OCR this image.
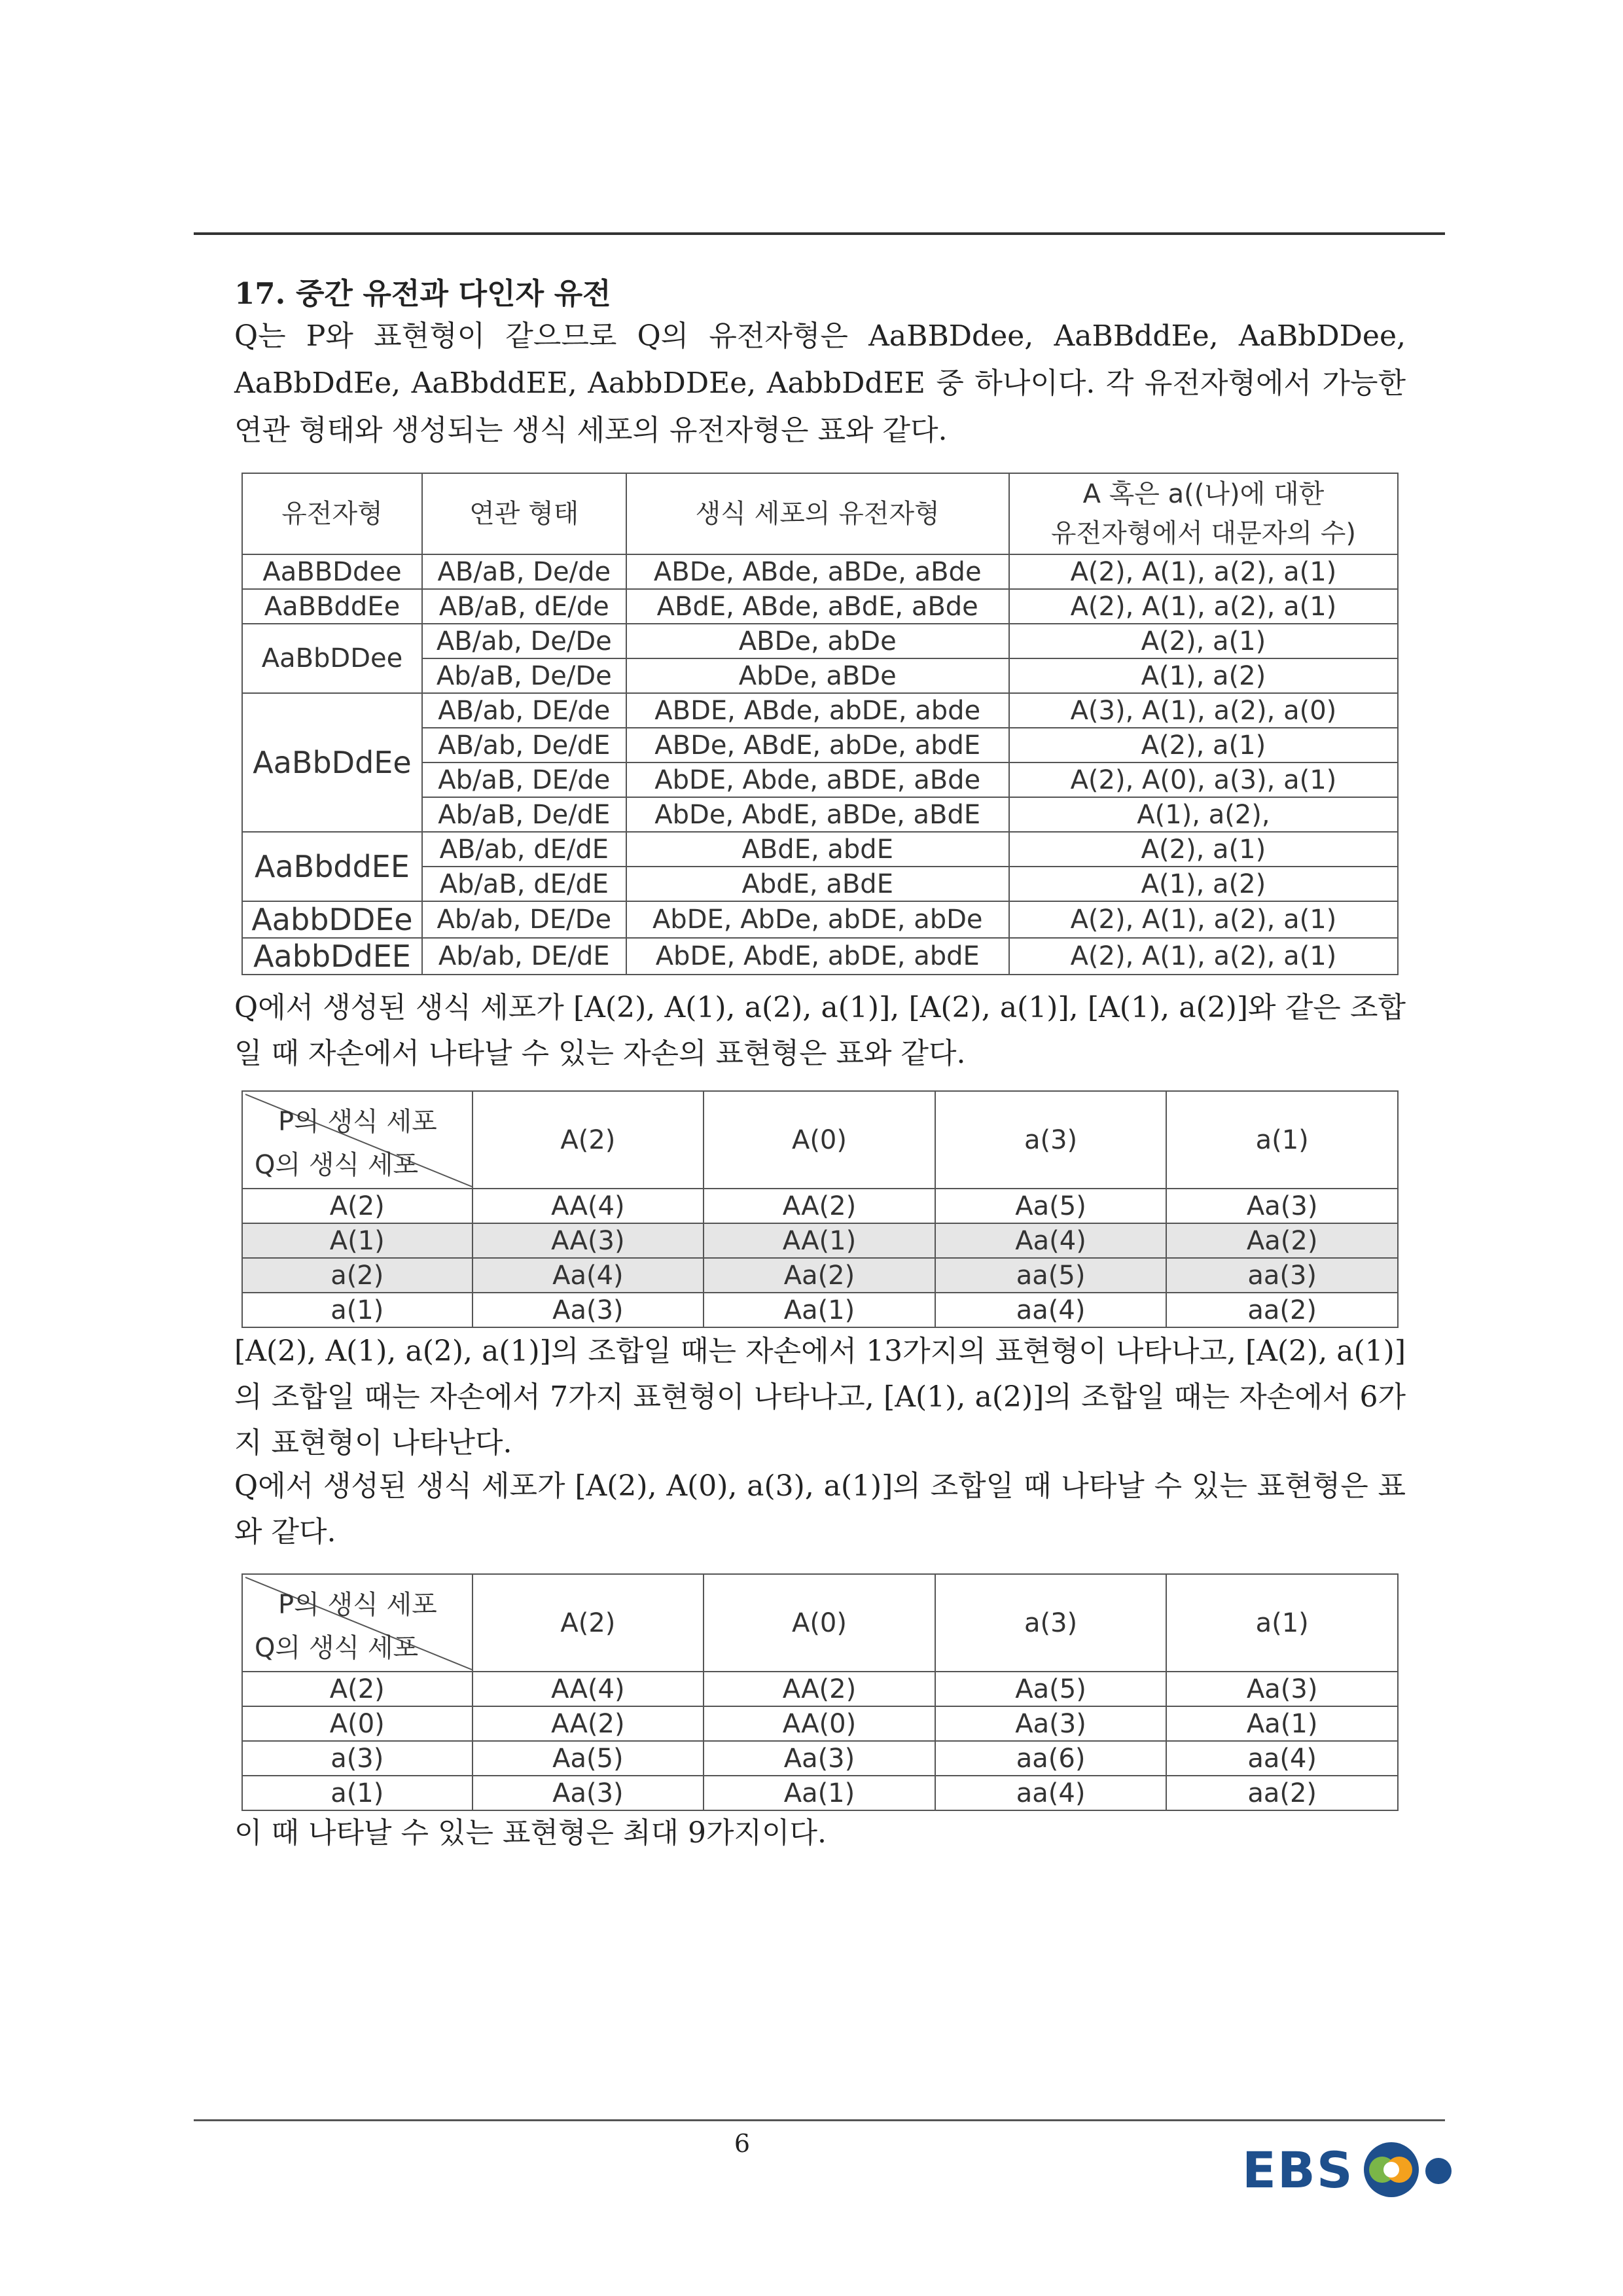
17. 중간 유전과 다인자 유전
Q는 P와 표현형이 같으므로 Q의 유전자형은 AaBBDdee, AaBBddEe, AaBbDDee, AaBbDdEe, AaBbddEE, AabbDDEe, AabbDdEE 중 하나이다. 각 유전자형에서 가능한 연관 형태와 생성되는 생식 세포의 유전자형은 표와 같다.
유전자형	연관 형태	생식 세포의 유전자형	A 혹은 a((나)에 대한
유전자형에서 대문자의 수)

AaBBDdee	AB/aB, De/de	ABDe, ABde, aBDe, aBde	A(2), A(1), a(2), a(1)
AaBBddEe	AB/aB, dE/de	ABdE, ABde, aBdE, aBde	A(2), A(1), a(2), a(1)
AaBbDDee	AB/ab, De/De	ABDe, abDe	A(2), a(1)
	Ab/aB, De/De	AbDe, aBDe	A(1), a(2)
AaBbDdEe	AB/ab, DE/de	ABDE, ABde, abDE, abde	A(3), A(1), a(2), a(0)
	AB/ab, De/dE	ABDe, ABdE, abDe, abdE	A(2), a(1)
	Ab/aB, DE/de	AbDE, Abde, aBDE, aBde	A(2), A(0), a(3), a(1)
	Ab/aB, De/dE	AbDe, AbdE, aBDe, aBdE	A(1), a(2),
AaBbddEE	AB/ab, dE/dE	ABdE, abdE	A(2), a(1)
	Ab/aB, dE/dE	AbdE, aBdE	A(1), a(2)
AabbDDEe	Ab/ab, DE/De	AbDE, AbDe, abDE, abDe	A(2), A(1), a(2), a(1)
AabbDdEE	Ab/ab, DE/dE	AbDE, AbdE, abDE, abdE	A(2), A(1), a(2), a(1)
Q에서 생성된 생식 세포가 [A(2), A(1), a(2), a(1)], [A(2), a(1)], [A(1), a(2)]와 같은 조합일 때 자손에서 나타날 수 있는 자손의 표현형은 표와 같다.
P의 생식 세포
Q의 생식 세포	A(2)	A(0)	a(3)	a(1)
A(2)	AA(4)	AA(2)	Aa(5)	Aa(3)
A(1)	AA(3)	AA(1)	Aa(4)	Aa(2)
a(2)	Aa(4)	Aa(2)	aa(5)	aa(3)
a(1)	Aa(3)	Aa(1)	aa(4)	aa(2)
[A(2), A(1), a(2), a(1)]의 조합일 때는 자손에서 13가지의 표현형이 나타나고, [A(2), a(1)]의 조합일 때는 자손에서 7가지 표현형이 나타나고, [A(1), a(2)]의 조합일 때는 자손에서 6가지 표현형이 나타난다.
Q에서 생성된 생식 세포가 [A(2), A(0), a(3), a(1)]의 조합일 때 나타날 수 있는 표현형은 표와 같다.
P의 생식 세포
Q의 생식 세포	A(2)	A(0)	a(3)	a(1)
A(2)	AA(4)	AA(2)	Aa(5)	Aa(3)
A(0)	AA(2)	AA(0)	Aa(3)	Aa(1)
a(3)	Aa(5)	Aa(3)	aa(6)	aa(4)
a(1)	Aa(3)	Aa(1)	aa(4)	aa(2)
이 때 나타날 수 있는 표현형은 최대 9가지이다.
6	EBS
